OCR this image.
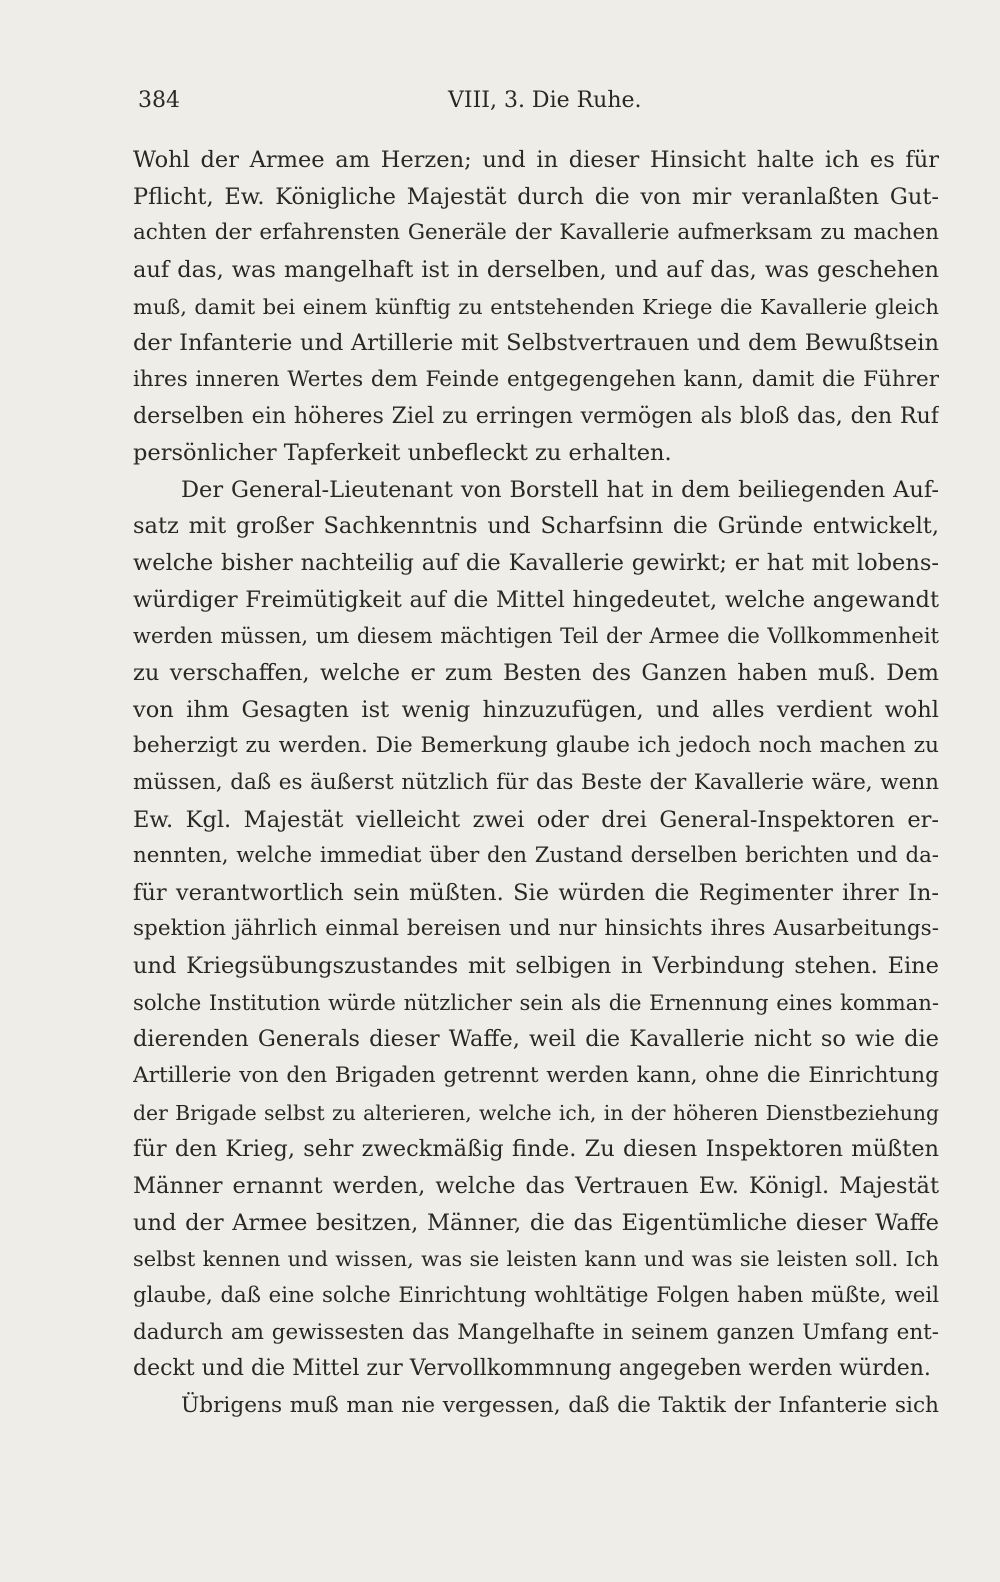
384	VIII, 3. Die Ruhe.
Wohl der Armee am Herzen; und in dieser Hinsicht halte ich es für
Pflicht, Ew. Königliche Majestät durch die von mir veranlaßten Gut-
achten der erfahrensten Generäle der Kavallerie aufmerksam zu machen
auf das, was mangelhaft ist in derselben, und auf das, was geschehen
muß, damit bei einem künftig zu entstehenden Kriege die Kavallerie gleich
der Infanterie und Artillerie mit Selbstvertrauen und dem Bewußtsein
ihres inneren Wertes dem Feinde entgegengehen kann, damit die Führer
derselben ein höheres Ziel zu erringen vermögen als bloß das, den Ruf
persönlicher Tapferkeit unbefleckt zu erhalten.
Der General-Lieutenant von Borstell hat in dem beiliegenden Auf-
satz mit großer Sachkenntnis und Scharfsinn die Gründe entwickelt,
welche bisher nachteilig auf die Kavallerie gewirkt; er hat mit lobens-
würdiger Freimütigkeit auf die Mittel hingedeutet, welche angewandt
werden müssen, um diesem mächtigen Teil der Armee die Vollkommenheit
zu verschaffen, welche er zum Besten des Ganzen haben muß. Dem
von ihm Gesagten ist wenig hinzuzufügen, und alles verdient wohl
beherzigt zu werden. Die Bemerkung glaube ich jedoch noch machen zu
müssen, daß es äußerst nützlich für das Beste der Kavallerie wäre, wenn
Ew. Kgl. Majestät vielleicht zwei oder drei General-Inspektoren er-
nennten, welche immediat über den Zustand derselben berichten und da-
für verantwortlich sein müßten. Sie würden die Regimenter ihrer In-
spektion jährlich einmal bereisen und nur hinsichts ihres Ausarbeitungs-
und Kriegsübungszustandes mit selbigen in Verbindung stehen. Eine
solche Institution würde nützlicher sein als die Ernennung eines komman-
dierenden Generals dieser Waffe, weil die Kavallerie nicht so wie die
Artillerie von den Brigaden getrennt werden kann, ohne die Einrichtung
der Brigade selbst zu alterieren, welche ich, in der höheren Dienstbeziehung
für den Krieg, sehr zweckmäßig finde. Zu diesen Inspektoren müßten
Männer ernannt werden, welche das Vertrauen Ew. Königl. Majestät
und der Armee besitzen, Männer, die das Eigentümliche dieser Waffe
selbst kennen und wissen, was sie leisten kann und was sie leisten soll. Ich
glaube, daß eine solche Einrichtung wohltätige Folgen haben müßte, weil
dadurch am gewissesten das Mangelhafte in seinem ganzen Umfang ent-
deckt und die Mittel zur Vervollkommnung angegeben werden würden.
Übrigens muß man nie vergessen, daß die Taktik der Infanterie sich
